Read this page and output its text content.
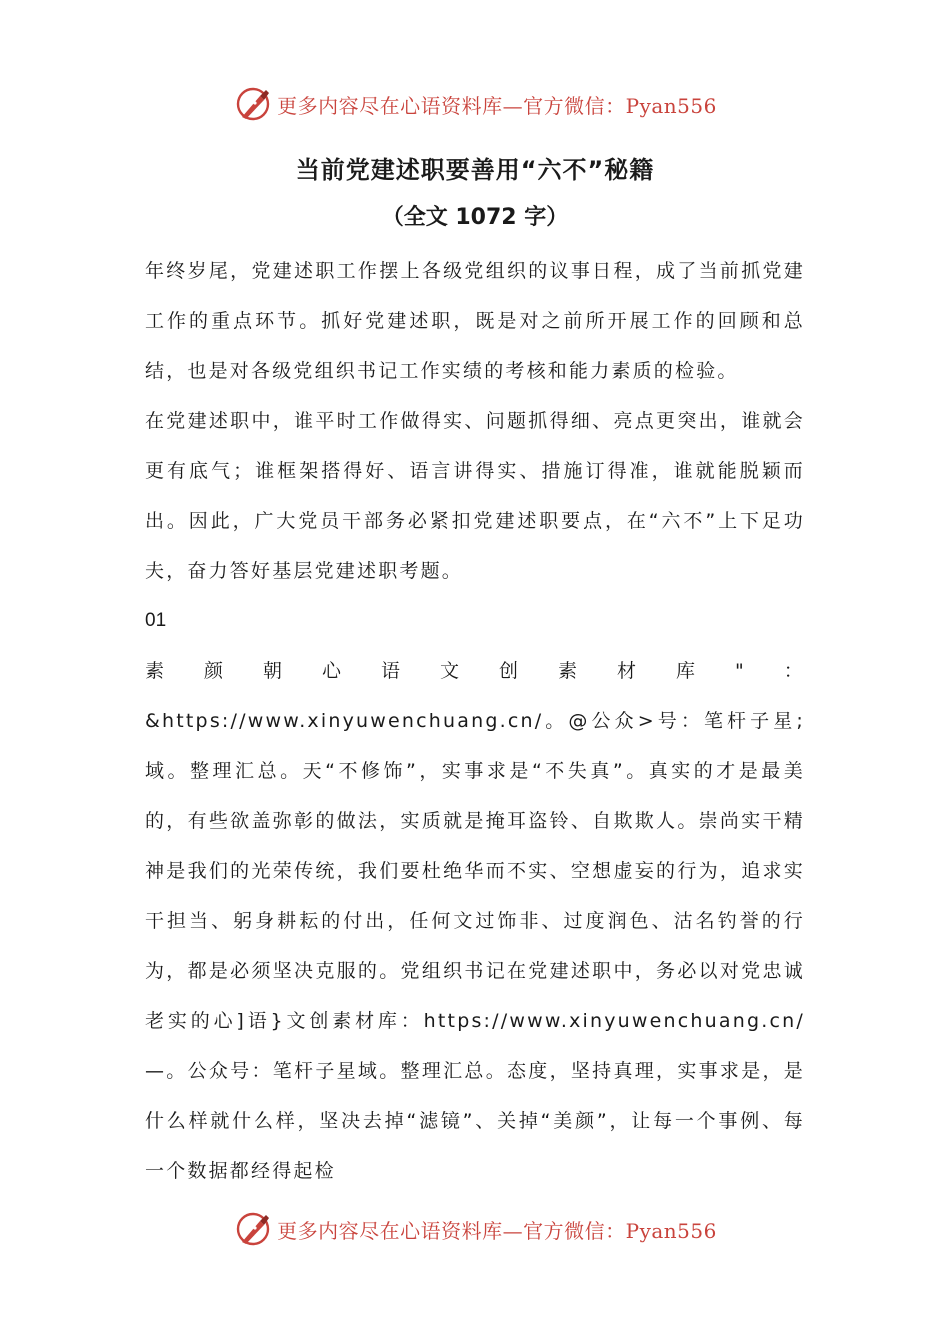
更多内容尽在心语资料库—官方微信：Pyan556
当前党建述职要善用“六不”秘籍
（全文 1072 字）

年终岁尾，党建述职工作摆上各级党组织的议事日程，成了当前抓党建工作的重点环节。抓好党建述职，既是对之前所开展工作的回顾和总结，也是对各级党组织书记工作实绩的考核和能力素质的检验。

在党建述职中，谁平时工作做得实、问题抓得细、亮点更突出，谁就会更有底气；谁框架搭得好、语言讲得实、措施订得准，谁就能脱颖而出。因此，广大党员干部务必紧扣党建述职要点，在“六不”上下足功夫，奋力答好基层党建述职考题。

01

素颜朝心语文创素材库"：&https://www.xinyuwenchuang.cn/。@公众>号：笔杆子星;域。整理汇总。天“不修饰”，实事求是“不失真”。真实的才是最美的，有些欲盖弥彰的做法，实质就是掩耳盗铃、自欺欺人。崇尚实干精神是我们的光荣传统，我们要杜绝华而不实、空想虚妄的行为，追求实干担当、躬身耕耘的付出，任何文过饰非、过度润色、沽名钓誉的行为，都是必须坚决克服的。党组织书记在党建述职中，务必以对党忠诚老实的心]语}文创素材库：https://www.xinyuwenchuang.cn/—。公众号：笔杆子星域。整理汇总。态度，坚持真理，实事求是，是什么样就什么样，坚决去掉“滤镜”、关掉“美颜”，让每一个事例、每一个数据都经得起检

更多内容尽在心语资料库—官方微信：Pyan556
